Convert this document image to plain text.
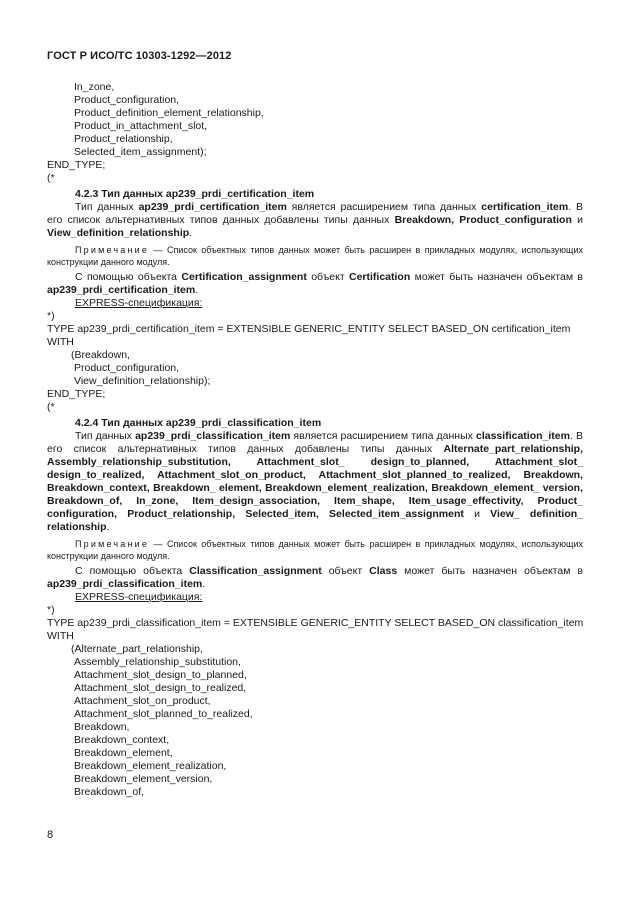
ГОСТ Р ИСО/ТС 10303-1292—2012
In_zone,
Product_configuration,
Product_definition_element_relationship,
Product_in_attachment_slot,
Product_relationship,
Selected_item_assignment);
END_TYPE;
(*
4.2.3 Тип данных ap239_prdi_certification_item
Тип данных ap239_prdi_certification_item является расширением типа данных certification_item. В его список альтернативных типов данных добавлены типы данных Breakdown, Product_configuration и View_definition_relationship.
Примечание — Список объектных типов данных может быть расширен в прикладных модулях, использующих конструкции данного модуля.
С помощью объекта Certification_assignment объект Certification может быть назначен объектам в ap239_prdi_certification_item.
EXPRESS-спецификация:
*)
TYPE ap239_prdi_certification_item = EXTENSIBLE GENERIC_ENTITY SELECT BASED_ON certification_item
WITH
(Breakdown,
Product_configuration,
View_definition_relationship);
END_TYPE;
(*
4.2.4 Тип данных ap239_prdi_classification_item
Тип данных ap239_prdi_classification_item является расширением типа данных classification_item. В его список альтернативных типов данных добавлены типы данных Alternate_part_relationship, Assembly_relationship_substitution, Attachment_slot_ design_to_planned, Attachment_slot_ design_to_realized, Attachment_slot_on_product, Attachment_slot_planned_to_realized, Breakdown, Breakdown_context, Breakdown_ element, Breakdown_element_realization, Breakdown_element_ version, Breakdown_of, In_zone, Item_design_association, Item_shape, Item_usage_effectivity, Product_ configuration, Product_relationship, Selected_item, Selected_item_assignment и View_ definition_ relationship.
Примечание — Список объектных типов данных может быть расширен в прикладных модулях, использующих конструкции данного модуля.
С помощью объекта Classification_assignment объект Class может быть назначен объектам в ap239_prdi_classification_item.
EXPRESS-спецификация:
*)
TYPE ap239_prdi_classification_item = EXTENSIBLE GENERIC_ENTITY SELECT BASED_ON classification_item
WITH
(Alternate_part_relationship,
Assembly_relationship_substitution,
Attachment_slot_design_to_planned,
Attachment_slot_design_to_realized,
Attachment_slot_on_product,
Attachment_slot_planned_to_realized,
Breakdown,
Breakdown_context,
Breakdown_element,
Breakdown_element_realization,
Breakdown_element_version,
Breakdown_of,
8
